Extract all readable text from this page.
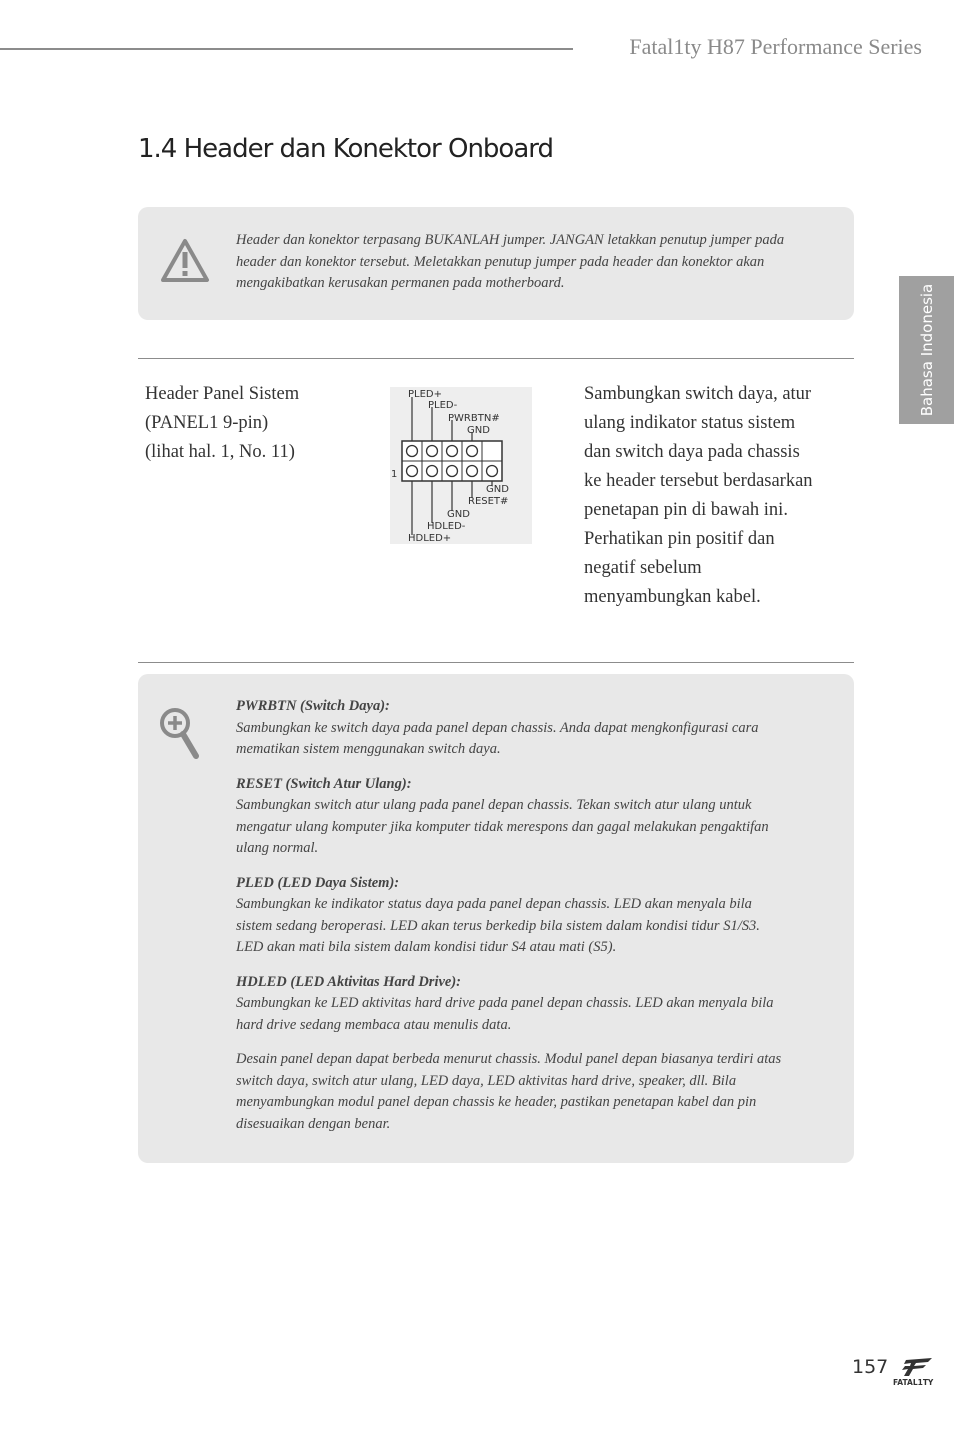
Fatal1ty H87 Performance Series
Bahasa Indonesia
1.4 Header dan Konektor Onboard
Header dan konektor terpasang BUKANLAH jumper. JANGAN letakkan penutup jumper pada header dan konektor tersebut. Meletakkan penutup jumper pada header dan konektor akan mengakibatkan kerusakan permanen pada motherboard.
Header Panel Sistem
(PANEL1 9-pin)
(lihat hal. 1, No. 11)
PLED+
PLED-
PWRBTN#
GND
1
GND
RESET#
GND
HDLED-
HDLED+
Sambungkan switch daya, atur ulang indikator status sistem dan switch daya pada chassis ke header tersebut berdasarkan penetapan pin di bawah ini. Perhatikan pin positif dan negatif sebelum menyambungkan kabel.
PWRBTN (Switch Daya):
Sambungkan ke switch daya pada panel depan chassis. Anda dapat mengkonfigurasi cara mematikan sistem menggunakan switch daya.
RESET (Switch Atur Ulang):
Sambungkan switch atur ulang pada panel depan chassis. Tekan switch atur ulang untuk mengatur ulang komputer jika komputer tidak merespons dan gagal melakukan pengaktifan ulang normal.
PLED (LED Daya Sistem):
Sambungkan ke indikator status daya pada panel depan chassis. LED akan menyala bila sistem sedang beroperasi. LED akan terus berkedip bila sistem dalam kondisi tidur S1/S3. LED akan mati bila sistem dalam kondisi tidur S4 atau mati (S5).
HDLED (LED Aktivitas Hard Drive):
Sambungkan ke LED aktivitas hard drive pada panel depan chassis. LED akan menyala bila hard drive sedang membaca atau menulis data.
Desain panel depan dapat berbeda menurut chassis. Modul panel depan biasanya terdiri atas switch daya, switch atur ulang, LED daya, LED aktivitas hard drive, speaker, dll. Bila menyambungkan modul panel depan chassis ke header, pastikan penetapan kabel dan pin disesuaikan dengan benar.
157
FATAL1TY
